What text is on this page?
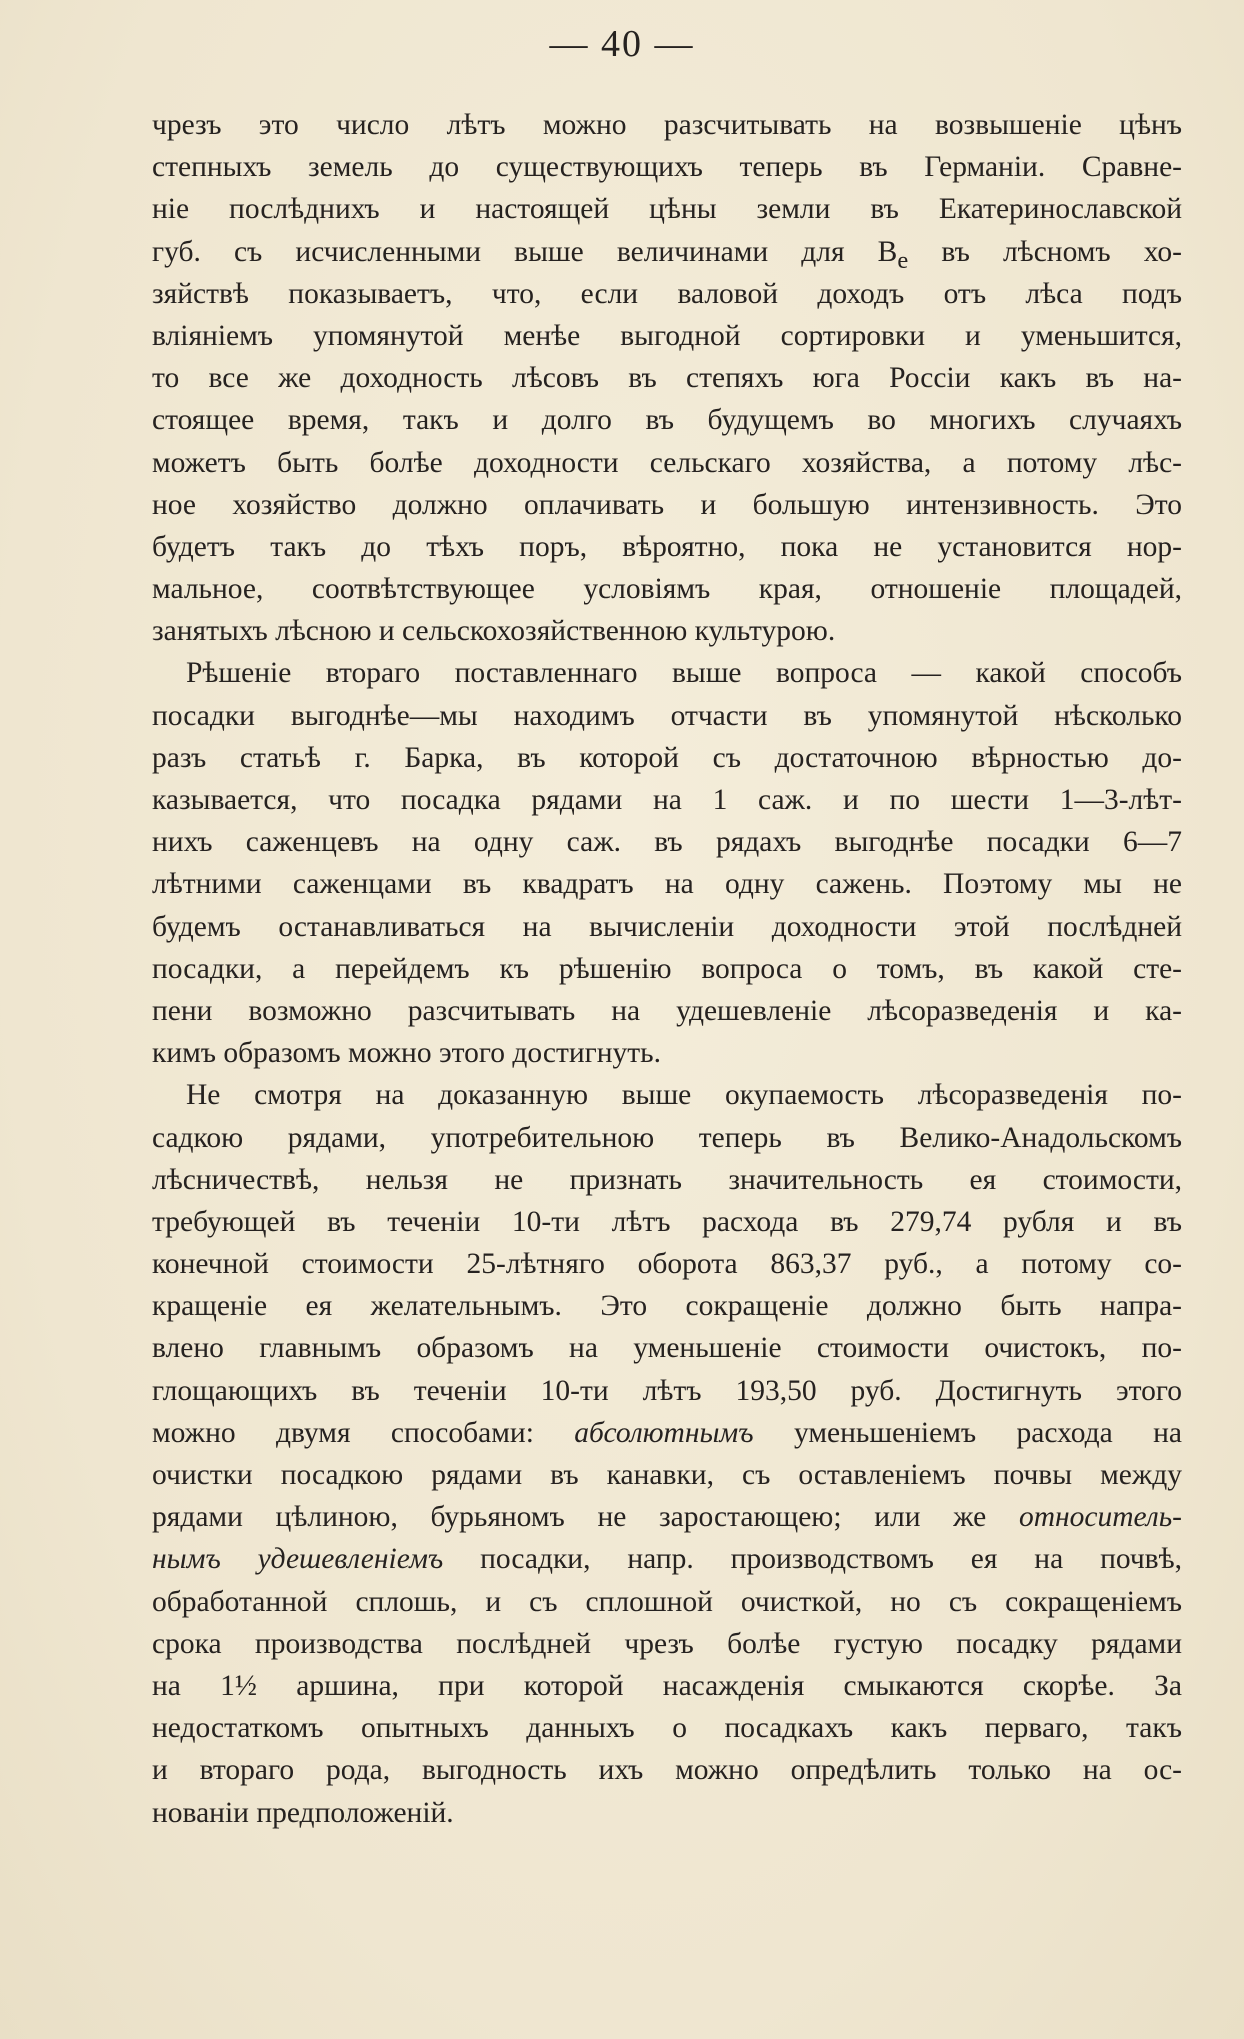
— 40 —
чрезъ это число лѣтъ можно разсчитывать на возвышеніе цѣнъ
степныхъ земель до существующихъ теперь въ Германіи. Сравне-
ніе послѣднихъ и настоящей цѣны земли въ Екатеринославской
губ. съ исчисленными выше величинами для $B_e$ въ лѣсномъ хо-
зяйствѣ показываетъ, что, если валовой доходъ отъ лѣса подъ
вліяніемъ упомянутой менѣе выгодной сортировки и уменьшится,
то все же доходность лѣсовъ въ степяхъ юга Россіи какъ въ на-
стоящее время, такъ и долго въ будущемъ во многихъ случаяхъ
можетъ быть болѣе доходности сельскаго хозяйства, а потому лѣс-
ное хозяйство должно оплачивать и большую интензивность. Это
будетъ такъ до тѣхъ поръ, вѣроятно, пока не установится нор-
мальное, соотвѣтствующее условіямъ края, отношеніе площадей,
занятыхъ лѣсною и сельскохозяйственною культурою.
Рѣшеніе втораго поставленнаго выше вопроса — какой способъ
посадки выгоднѣе—мы находимъ отчасти въ упомянутой нѣсколько
разъ статьѣ г. Барка, въ которой съ достаточною вѣрностью до-
казывается, что посадка рядами на 1 саж. и по шести 1—3-лѣт-
нихъ саженцевъ на одну саж. въ рядахъ выгоднѣе посадки 6—7
лѣтними саженцами въ квадратъ на одну сажень. Поэтому мы не
будемъ останавливаться на вычисленіи доходности этой послѣдней
посадки, а перейдемъ къ рѣшенію вопроса о томъ, въ какой сте-
пени возможно разсчитывать на удешевленіе лѣсоразведенія и ка-
кимъ образомъ можно этого достигнуть.
Не смотря на доказанную выше окупаемость лѣсоразведенія по-
садкою рядами, употребительною теперь въ Велико-Анадольскомъ
лѣсничествѣ, нельзя не признать значительность ея стоимости,
требующей въ теченіи 10-ти лѣтъ расхода въ 279,74 рубля и въ
конечной стоимости 25-лѣтняго оборота 863,37 руб., а потому со-
кращеніе ея желательнымъ. Это сокращеніе должно быть напра-
влено главнымъ образомъ на уменьшеніе стоимости очистокъ, по-
глощающихъ въ теченіи 10-ти лѣтъ 193,50 руб. Достигнуть этого
можно двумя способами: абсолютнымъ уменьшеніемъ расхода на
очистки посадкою рядами въ канавки, съ оставленіемъ почвы между
рядами цѣлиною, бурьяномъ не заростающею; или же относитель-
нымъ удешевленіемъ посадки, напр. производствомъ ея на почвѣ,
обработанной сплошь, и съ сплошной очисткой, но съ сокращеніемъ
срока производства послѣдней чрезъ болѣе густую посадку рядами
на 1½ аршина, при которой насажденія смыкаются скорѣе. За
недостаткомъ опытныхъ данныхъ о посадкахъ какъ перваго, такъ
и втораго рода, выгодность ихъ можно опредѣлить только на ос-
нованіи предположеній.
